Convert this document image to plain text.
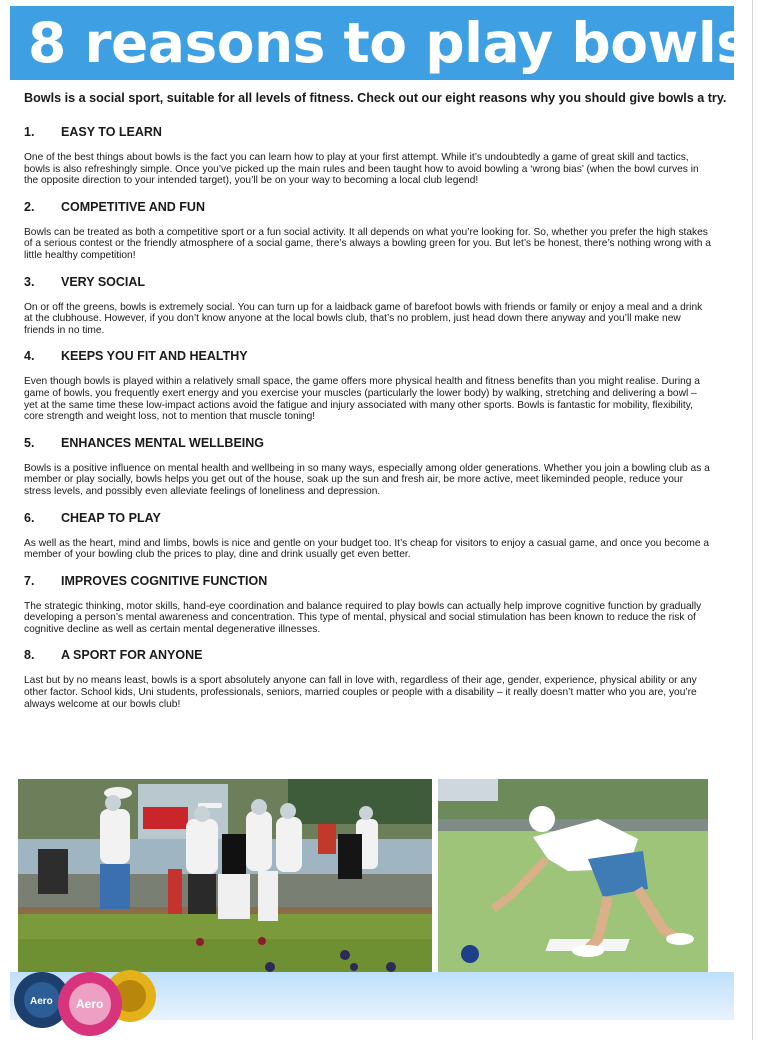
8 reasons to play bowls
Bowls is a social sport, suitable for all levels of fitness. Check out our eight reasons why you should give bowls a try.
1. EASY TO LEARN

One of the best things about bowls is the fact you can learn how to play at your first attempt. While it’s undoubtedly a game of great skill and tactics, bowls is also refreshingly simple. Once you’ve picked up the main rules and been taught how to avoid bowling a ‘wrong bias’ (when the bowl curves in the opposite direction to your intended target), you’ll be on your way to becoming a local club legend!

2. COMPETITIVE AND FUN

Bowls can be treated as both a competitive sport or a fun social activity. It all depends on what you’re looking for. So, whether you prefer the high stakes of a serious contest or the friendly atmosphere of a social game, there’s always a bowling green for you. But let’s be honest, there’s nothing wrong with a little healthy competition!

3. VERY SOCIAL

On or off the greens, bowls is extremely social. You can turn up for a laidback game of barefoot bowls with friends or family or enjoy a meal and a drink at the clubhouse. However, if you don’t know anyone at the local bowls club, that’s no problem, just head down there anyway and you’ll make new friends in no time.

4. KEEPS YOU FIT AND HEALTHY

Even though bowls is played within a relatively small space, the game offers more physical health and fitness benefits than you might realise. During a game of bowls, you frequently exert energy and you exercise your muscles (particularly the lower body) by walking, stretching and delivering a bowl – yet at the same time these low-impact actions avoid the fatigue and injury associated with many other sports. Bowls is fantastic for mobility, flexibility, core strength and weight loss, not to mention that muscle toning!

5. ENHANCES MENTAL WELLBEING

Bowls is a positive influence on mental health and wellbeing in so many ways, especially among older generations. Whether you join a bowling club as a member or play socially, bowls helps you get out of the house, soak up the sun and fresh air, be more active, meet likeminded people, reduce your stress levels, and possibly even alleviate feelings of loneliness and depression.

6. CHEAP TO PLAY

As well as the heart, mind and limbs, bowls is nice and gentle on your budget too. It’s cheap for visitors to enjoy a casual game, and once you become a member of your bowling club the prices to play, dine and drink usually get even better.

7. IMPROVES COGNITIVE FUNCTION

The strategic thinking, motor skills, hand-eye coordination and balance required to play bowls can actually help improve cognitive function by gradually developing a person’s mental awareness and concentration. This type of mental, physical and social stimulation has been known to reduce the risk of cognitive decline as well as certain mental degenerative illnesses.

8. A SPORT FOR ANYONE

Last but by no means least, bowls is a sport absolutely anyone can fall in love with, regardless of their age, gender, experience, physical ability or any other factor. School kids, Uni students, professionals, seniors, married couples or people with a disability – it really doesn’t matter who you are, you’re always welcome at our bowls club!

Aero
Aero
